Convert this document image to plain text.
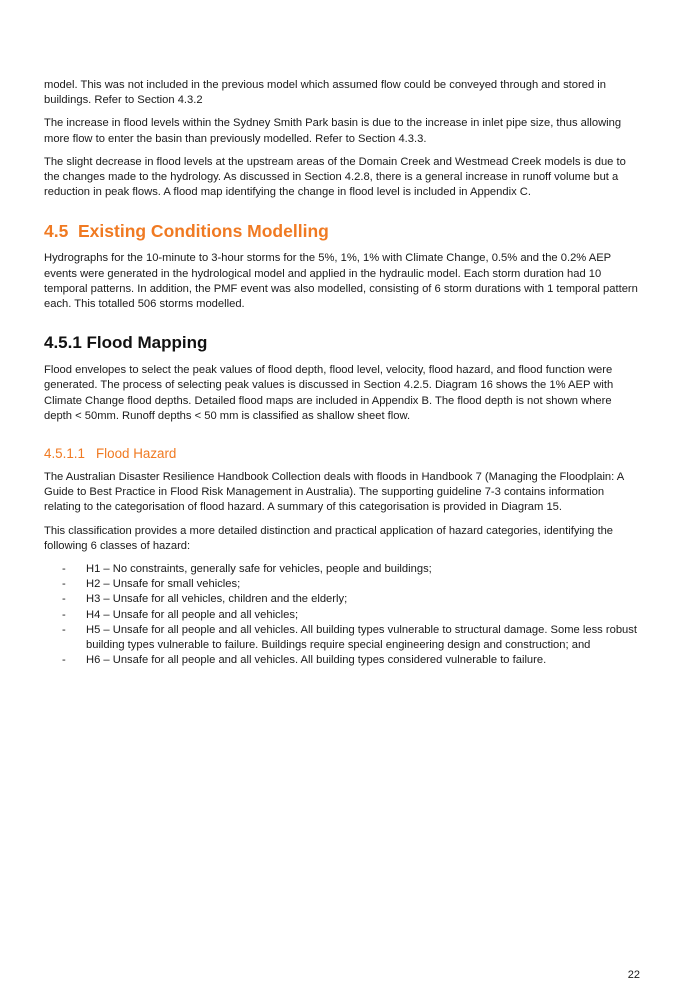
model. This was not included in the previous model which assumed flow could be conveyed through and stored in buildings. Refer to Section 4.3.2

The increase in flood levels within the Sydney Smith Park basin is due to the increase in inlet pipe size, thus allowing more flow to enter the basin than previously modelled. Refer to Section 4.3.3.

The slight decrease in flood levels at the upstream areas of the Domain Creek and Westmead Creek models is due to the changes made to the hydrology. As discussed in Section 4.2.8, there is a general increase in runoff volume but a reduction in peak flows. A flood map identifying the change in flood level is included in Appendix C.

4.5 Existing Conditions Modelling

Hydrographs for the 10-minute to 3-hour storms for the 5%, 1%, 1% with Climate Change, 0.5% and the 0.2% AEP events were generated in the hydrological model and applied in the hydraulic model. Each storm duration had 10 temporal patterns. In addition, the PMF event was also modelled, consisting of 6 storm durations with 1 temporal pattern each. This totalled 506 storms modelled.

4.5.1 Flood Mapping

Flood envelopes to select the peak values of flood depth, flood level, velocity, flood hazard, and flood function were generated. The process of selecting peak values is discussed in Section 4.2.5. Diagram 16 shows the 1% AEP with Climate Change flood depths. Detailed flood maps are included in Appendix B. The flood depth is not shown where depth < 50mm. Runoff depths < 50 mm is classified as shallow sheet flow.

4.5.1.1 Flood Hazard

The Australian Disaster Resilience Handbook Collection deals with floods in Handbook 7 (Managing the Floodplain: A Guide to Best Practice in Flood Risk Management in Australia). The supporting guideline 7-3 contains information relating to the categorisation of flood hazard. A summary of this categorisation is provided in Diagram 15.

This classification provides a more detailed distinction and practical application of hazard categories, identifying the following 6 classes of hazard:

- H1 – No constraints, generally safe for vehicles, people and buildings;
- H2 – Unsafe for small vehicles;
- H3 – Unsafe for all vehicles, children and the elderly;
- H4 – Unsafe for all people and all vehicles;
- H5 – Unsafe for all people and all vehicles. All building types vulnerable to structural damage. Some less robust building types vulnerable to failure. Buildings require special engineering design and construction; and
- H6 – Unsafe for all people and all vehicles. All building types considered vulnerable to failure.
22
